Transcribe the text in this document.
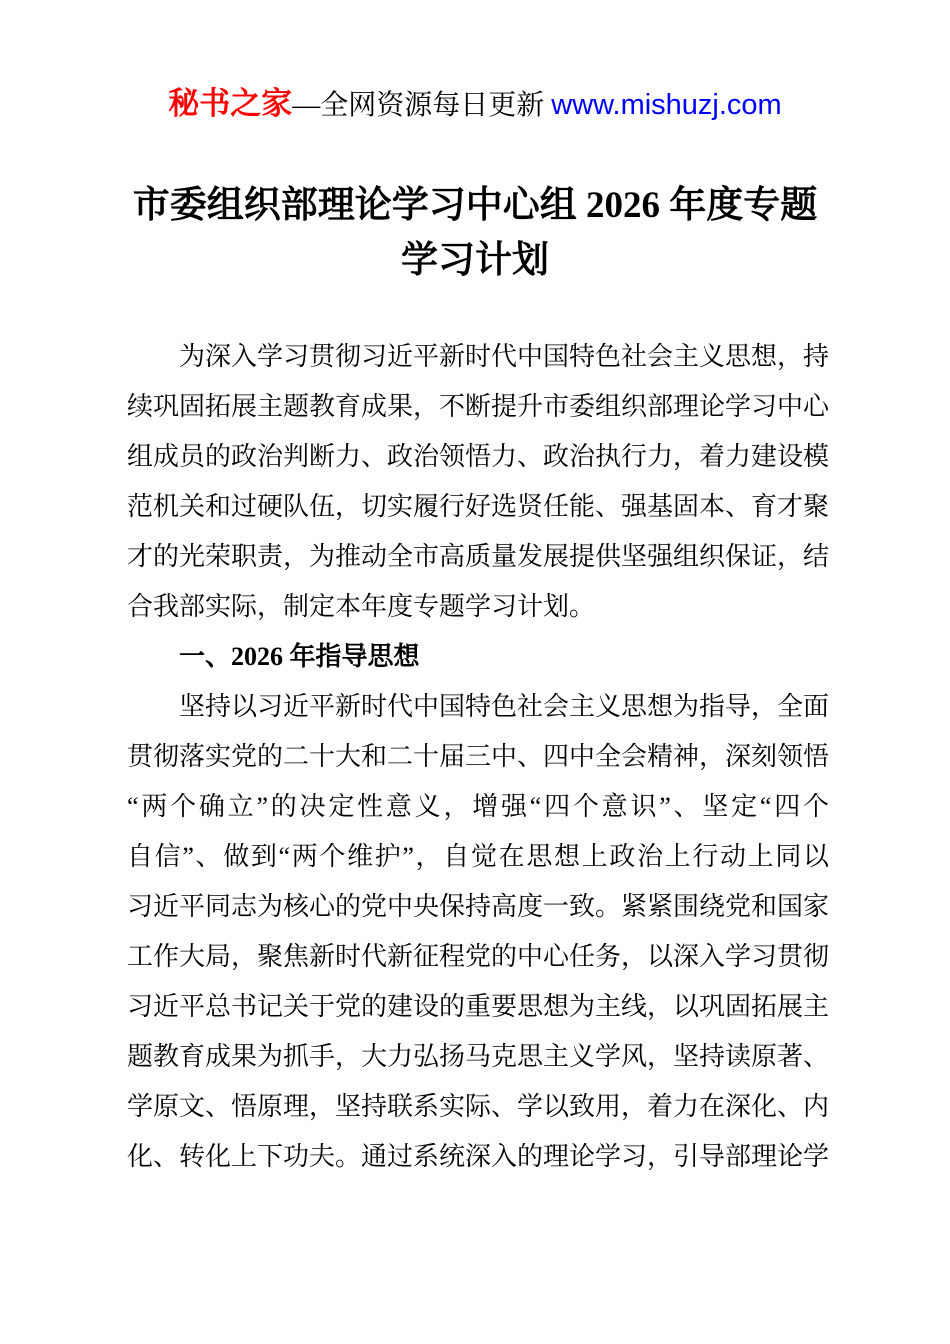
秘书之家—全网资源每日更新 www.mishuzj.com
市委组织部理论学习中心组 2026 年度专题
学习计划
为深入学习贯彻习近平新时代中国特色社会主义思想，持
续巩固拓展主题教育成果，不断提升市委组织部理论学习中心
组成员的政治判断力、政治领悟力、政治执行力，着力建设模
范机关和过硬队伍，切实履行好选贤任能、强基固本、育才聚
才的光荣职责，为推动全市高质量发展提供坚强组织保证，结
合我部实际，制定本年度专题学习计划。
一、2026 年指导思想
坚持以习近平新时代中国特色社会主义思想为指导，全面
贯彻落实党的二十大和二十届三中、四中全会精神，深刻领悟
“两个确立”的决定性意义，增强“四个意识”、坚定“四个
自信”、做到“两个维护”，自觉在思想上政治上行动上同以
习近平同志为核心的党中央保持高度一致。紧紧围绕党和国家
工作大局，聚焦新时代新征程党的中心任务，以深入学习贯彻
习近平总书记关于党的建设的重要思想为主线，以巩固拓展主
题教育成果为抓手，大力弘扬马克思主义学风，坚持读原著、
学原文、悟原理，坚持联系实际、学以致用，着力在深化、内
化、转化上下功夫。通过系统深入的理论学习，引导部理论学
